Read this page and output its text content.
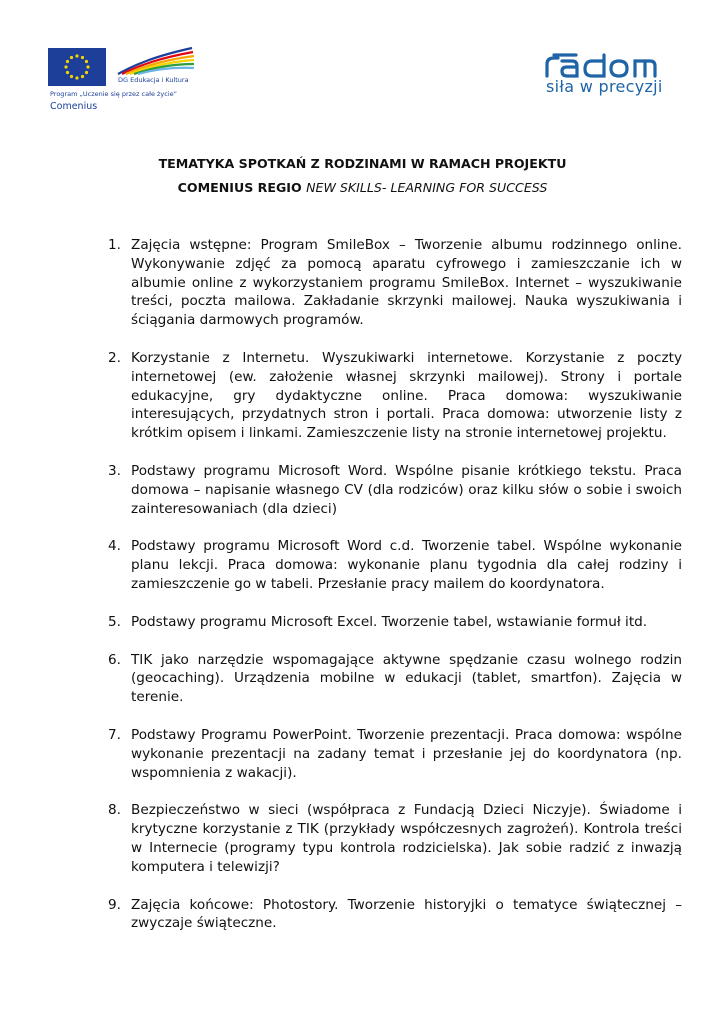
DG Edukacja i Kultura
Program „Uczenie się przez całe życie”
Comenius
siła w precyzji
TEMATYKA SPOTKAŃ Z RODZINAMI W RAMACH PROJEKTU
COMENIUS REGIO NEW SKILLS- LEARNING FOR SUCCESS
1. Zajęcia wstępne: Program SmileBox – Tworzenie albumu rodzinnego online. Wykonywanie zdjęć za pomocą aparatu cyfrowego i zamieszczanie ich w albumie online z wykorzystaniem programu SmileBox. Internet – wyszukiwanie treści, poczta mailowa. Zakładanie skrzynki mailowej. Nauka wyszukiwania i ściągania darmowych programów.
2. Korzystanie z Internetu. Wyszukiwarki internetowe. Korzystanie z poczty internetowej (ew. założenie własnej skrzynki mailowej). Strony i portale edukacyjne, gry dydaktyczne online. Praca domowa: wyszukiwanie interesujących, przydatnych stron i portali. Praca domowa: utworzenie listy z krótkim opisem i linkami. Zamieszczenie listy na stronie internetowej projektu.
3. Podstawy programu Microsoft Word. Wspólne pisanie krótkiego tekstu. Praca domowa – napisanie własnego CV (dla rodziców) oraz kilku słów o sobie i swoich zainteresowaniach (dla dzieci)
4. Podstawy programu Microsoft Word c.d. Tworzenie tabel. Wspólne wykonanie planu lekcji. Praca domowa: wykonanie planu tygodnia dla całej rodziny i zamieszczenie go w tabeli. Przesłanie pracy mailem do koordynatora.
5. Podstawy programu Microsoft Excel. Tworzenie tabel, wstawianie formuł itd.
6. TIK jako narzędzie wspomagające aktywne spędzanie czasu wolnego rodzin (geocaching). Urządzenia mobilne w edukacji (tablet, smartfon). Zajęcia w terenie.
7. Podstawy Programu PowerPoint. Tworzenie prezentacji. Praca domowa: wspólne wykonanie prezentacji na zadany temat i przesłanie jej do koordynatora (np. wspomnienia z wakacji).
8. Bezpieczeństwo w sieci (współpraca z Fundacją Dzieci Niczyje). Świadome i krytyczne korzystanie z TIK (przykłady współczesnych zagrożeń). Kontrola treści w Internecie (programy typu kontrola rodzicielska). Jak sobie radzić z inwazją komputera i telewizji?
9. Zajęcia końcowe: Photostory. Tworzenie historyjki o tematyce świątecznej – zwyczaje świąteczne.
